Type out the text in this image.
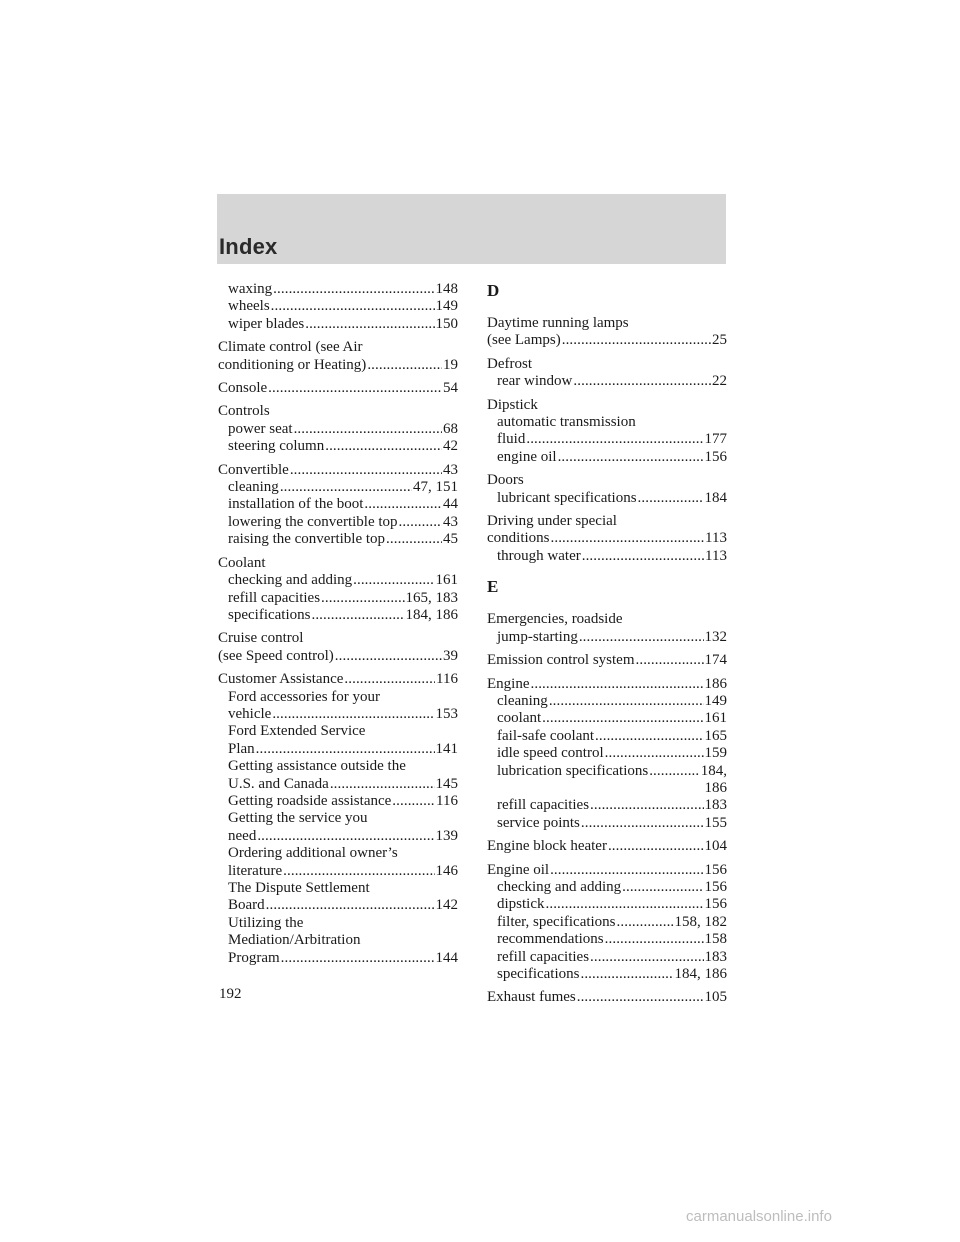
Index
waxing .....	148
wheels .....	149
wiper blades .....	150
Climate control (see Air
conditioning or Heating) .....	19
Console .....	54
Controls
power seat .....	68
steering column .....	42
Convertible .....	43
cleaning .....	47, 151
installation of the boot .....	44
lowering the convertible top .....	43
raising the convertible top .....	45
Coolant
checking and adding .....	161
refill capacities .....	165, 183
specifications .....	184, 186
Cruise control
(see Speed control) .....	39
Customer Assistance .....	116
Ford accessories for your
vehicle .....	153
Ford Extended Service
Plan .....	141
Getting assistance outside the
U.S. and Canada .....	145
Getting roadside assistance .....	116
Getting the service you
need .....	139
Ordering additional owner’s
literature .....	146
The Dispute Settlement
Board .....	142
Utilizing the
Mediation/Arbitration
Program .....	144
D
Daytime running lamps
(see Lamps) .....	25
Defrost
rear window .....	22
Dipstick
automatic transmission
fluid .....	177
engine oil .....	156
Doors
lubricant specifications .....	184
Driving under special
conditions .....	113
through water .....	113
E
Emergencies, roadside
jump-starting .....	132
Emission control system .....	174
Engine .....	186
cleaning .....	149
coolant .....	161
fail-safe coolant .....	165
idle speed control .....	159
lubrication specifications .....	184,
186
refill capacities .....	183
service points .....	155
Engine block heater .....	104
Engine oil .....	156
checking and adding .....	156
dipstick .....	156
filter, specifications .....	158, 182
recommendations .....	158
refill capacities .....	183
specifications .....	184, 186
Exhaust fumes .....	105
192
carmanualsonline.info
